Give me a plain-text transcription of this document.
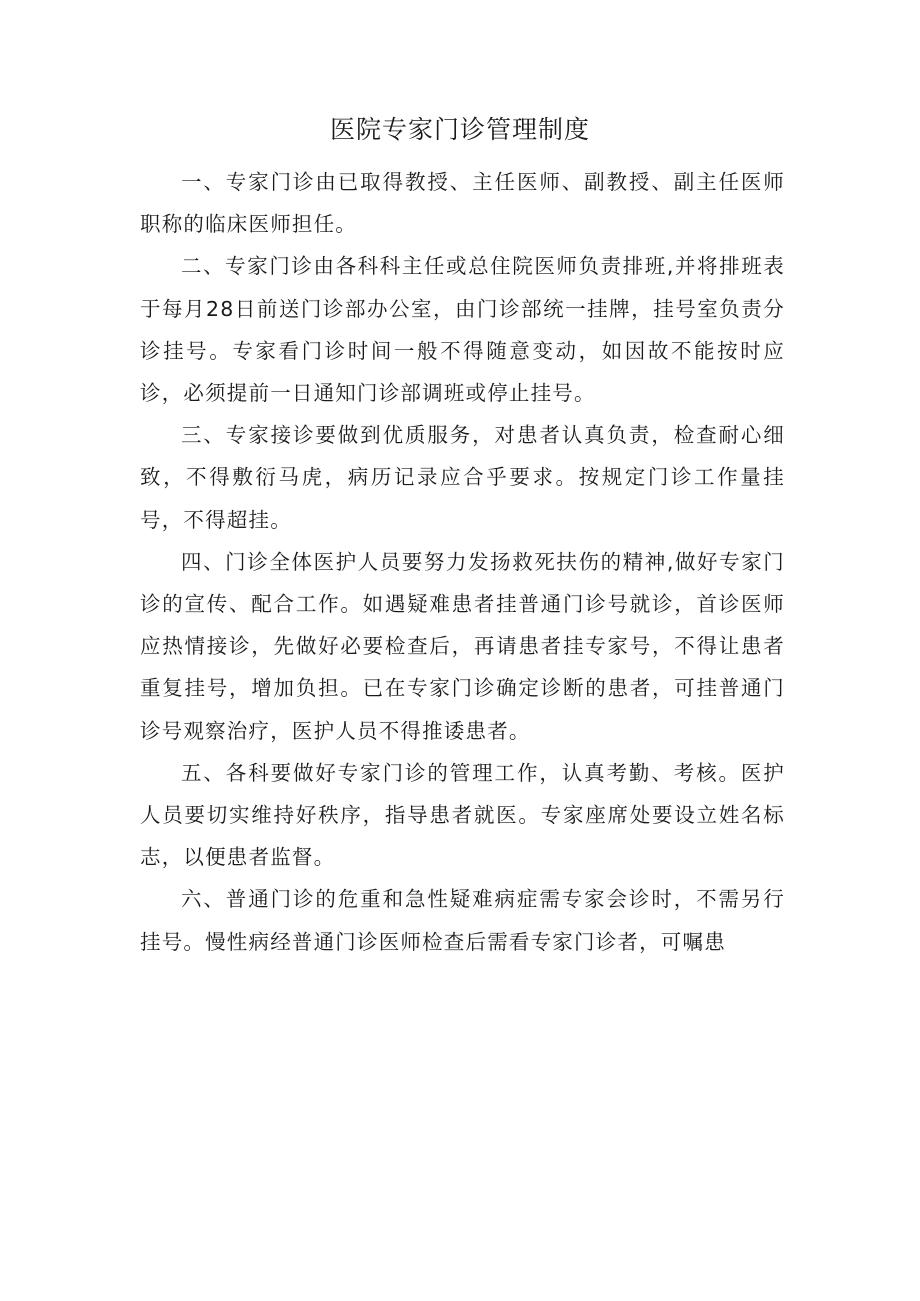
医院专家门诊管理制度

一、专家门诊由已取得教授、主任医师、副教授、副主任医师职称的临床医师担任。

二、专家门诊由各科科主任或总住院医师负责排班,并将排班表于每月28日前送门诊部办公室，由门诊部统一挂牌，挂号室负责分诊挂号。专家看门诊时间一般不得随意变动，如因故不能按时应诊，必须提前一日通知门诊部调班或停止挂号。

三、专家接诊要做到优质服务，对患者认真负责，检查耐心细致，不得敷衍马虎，病历记录应合乎要求。按规定门诊工作量挂号，不得超挂。

四、门诊全体医护人员要努力发扬救死扶伤的精神,做好专家门诊的宣传、配合工作。如遇疑难患者挂普通门诊号就诊，首诊医师应热情接诊，先做好必要检查后，再请患者挂专家号，不得让患者重复挂号，增加负担。已在专家门诊确定诊断的患者，可挂普通门诊号观察治疗，医护人员不得推诿患者。

五、各科要做好专家门诊的管理工作，认真考勤、考核。医护人员要切实维持好秩序，指导患者就医。专家座席处要设立姓名标志，以便患者监督。

六、普通门诊的危重和急性疑难病症需专家会诊时，不需另行挂号。慢性病经普通门诊医师检查后需看专家门诊者，可嘱患
